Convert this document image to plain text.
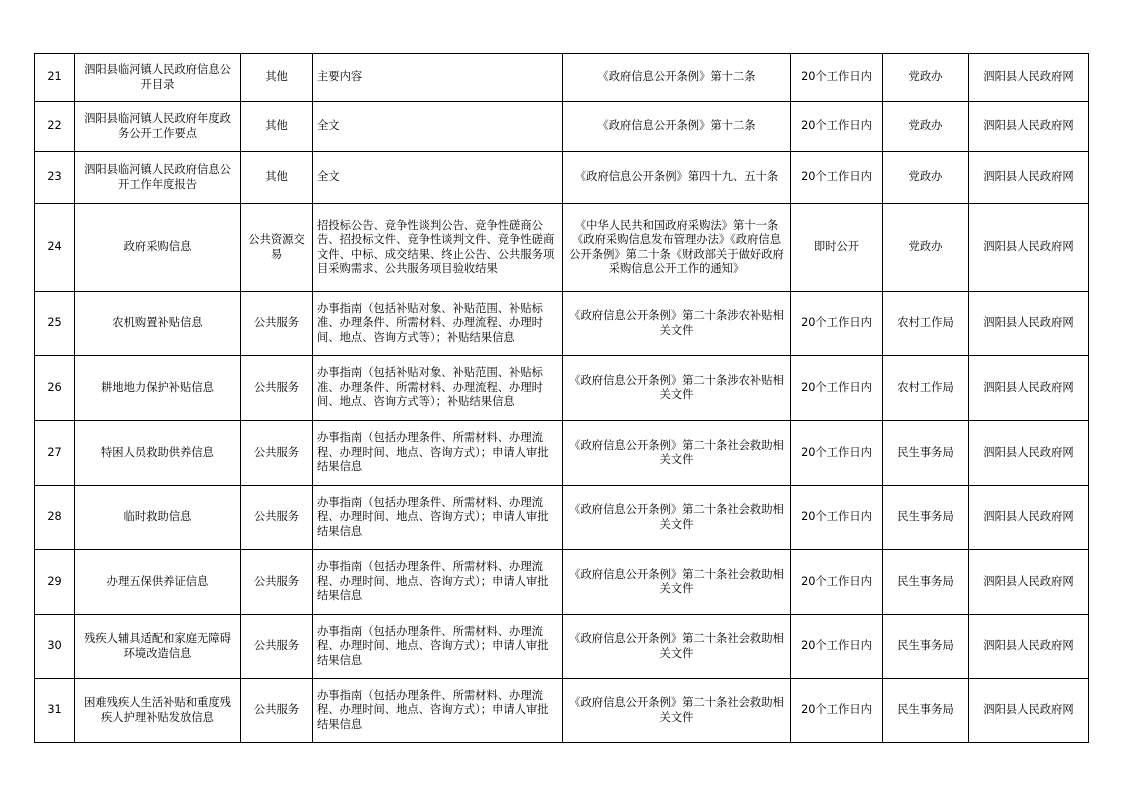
21	泗阳县临河镇人民政府信息公开目录	其他	主要内容	《政府信息公开条例》第十二条	20个工作日内	党政办	泗阳县人民政府网
22	泗阳县临河镇人民政府年度政务公开工作要点	其他	全文	《政府信息公开条例》第十二条	20个工作日内	党政办	泗阳县人民政府网
23	泗阳县临河镇人民政府信息公开工作年度报告	其他	全文	《政府信息公开条例》第四十九、五十条	20个工作日内	党政办	泗阳县人民政府网
24	政府采购信息	公共资源交易	招投标公告、竞争性谈判公告、竞争性磋商公告、招投标文件、竞争性谈判文件、竞争性磋商文件、中标、成交结果、终止公告、公共服务项目采购需求、公共服务项目验收结果	《中华人民共和国政府采购法》第十一条《政府采购信息发布管理办法》《政府信息公开条例》第二十条《财政部关于做好政府采购信息公开工作的通知》	即时公开	党政办	泗阳县人民政府网
25	农机购置补贴信息	公共服务	办事指南（包括补贴对象、补贴范围、补贴标准、办理条件、所需材料、办理流程、办理时间、地点、咨询方式等）；补贴结果信息	《政府信息公开条例》第二十条涉农补贴相关文件	20个工作日内	农村工作局	泗阳县人民政府网
26	耕地地力保护补贴信息	公共服务	办事指南（包括补贴对象、补贴范围、补贴标准、办理条件、所需材料、办理流程、办理时间、地点、咨询方式等）；补贴结果信息	《政府信息公开条例》第二十条涉农补贴相关文件	20个工作日内	农村工作局	泗阳县人民政府网
27	特困人员救助供养信息	公共服务	办事指南（包括办理条件、所需材料、办理流程、办理时间、地点、咨询方式）；申请人审批结果信息	《政府信息公开条例》第二十条社会救助相关文件	20个工作日内	民生事务局	泗阳县人民政府网
28	临时救助信息	公共服务	办事指南（包括办理条件、所需材料、办理流程、办理时间、地点、咨询方式）；申请人审批结果信息	《政府信息公开条例》第二十条社会救助相关文件	20个工作日内	民生事务局	泗阳县人民政府网
29	办理五保供养证信息	公共服务	办事指南（包括办理条件、所需材料、办理流程、办理时间、地点、咨询方式）；申请人审批结果信息	《政府信息公开条例》第二十条社会救助相关文件	20个工作日内	民生事务局	泗阳县人民政府网
30	残疾人辅具适配和家庭无障碍环境改造信息	公共服务	办事指南（包括办理条件、所需材料、办理流程、办理时间、地点、咨询方式）；申请人审批结果信息	《政府信息公开条例》第二十条社会救助相关文件	20个工作日内	民生事务局	泗阳县人民政府网
31	困难残疾人生活补贴和重度残疾人护理补贴发放信息	公共服务	办事指南（包括办理条件、所需材料、办理流程、办理时间、地点、咨询方式）；申请人审批结果信息	《政府信息公开条例》第二十条社会救助相关文件	20个工作日内	民生事务局	泗阳县人民政府网
